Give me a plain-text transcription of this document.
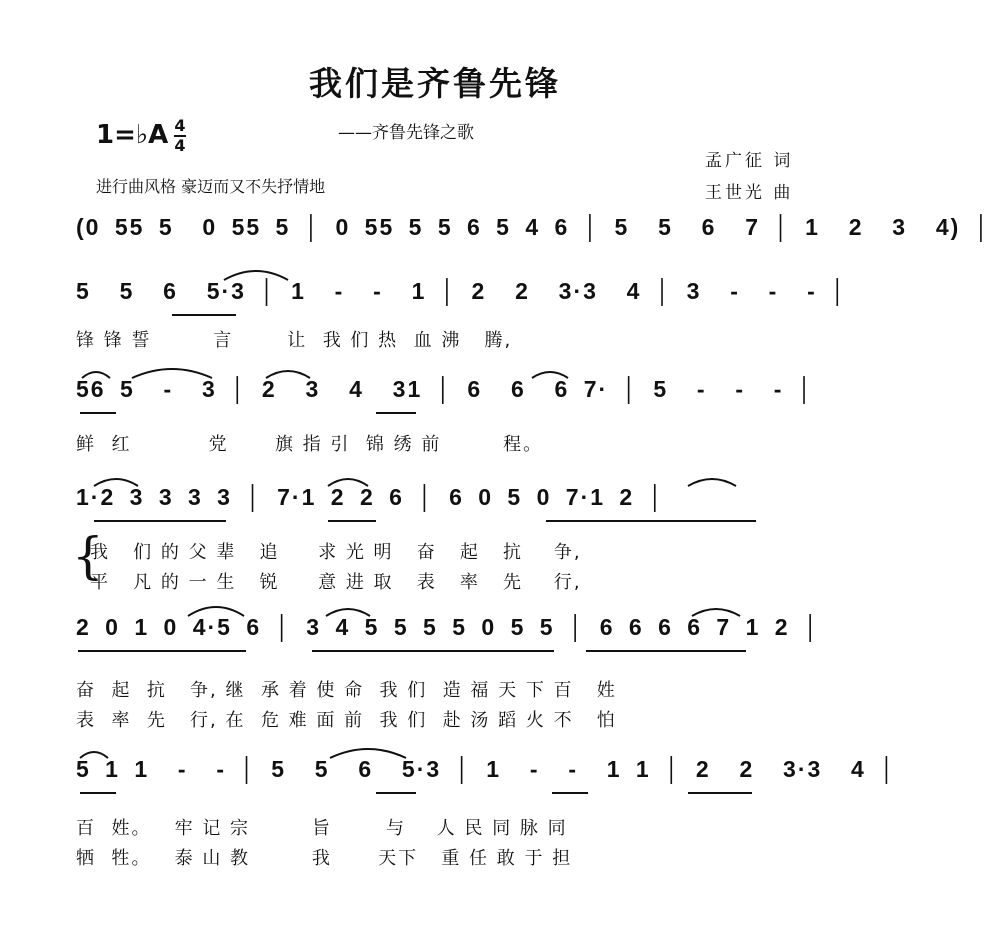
我们是齐鲁先锋
——齐鲁先锋之歌
1=♭A 4
4
进行曲风格 豪迈而又不失抒情地
孟广征 词
王世光 曲

(0 55 5  0 55 5 │ 0 55 5 5 6 5 4 6 │ 5  5  6  7 │ 1  2  3  4) │

5  5  6  5·3 │ 1  -  -  1 │ 2  2  3·3  4 │ 3  -  -  - │

锋 锋 誓        言       让  我 们 热  血 沸   腾,

56 5  -  3 │ 2  3  4  31 │ 6  6  6 7· │ 5  -  -  - │

鲜  红          党      旗 指 引  锦 绣 前        程。

1·2 3 3 3 3 │ 7·1 2 2 6 │ 6 0 5 0 7·1 2 │

{
我   们 的 父 辈   追     求 光 明   奋   起   抗    争,
平   凡 的 一 生   锐     意 进 取   表   率   先    行,

2 0 1 0 4·5 6 │ 3 4 5 5 5 5 0 5 5 │ 6 6 6 6 7 1 2 │

奋  起  抗   争, 继  承 着 使 命  我 们  造 福 天 下 百   姓
表  率  先   行, 在  危 难 面 前  我 们  赴 汤 蹈 火 不   怕

5 1 1  -  - │ 5  5  6  5·3 │ 1  -  -  1 1 │ 2  2  3·3  4 │

百  姓。   牢 记 宗        旨       与    人 民 同 脉 同
牺  牲。   泰 山 教        我      天下   重 任 敢 于 担
